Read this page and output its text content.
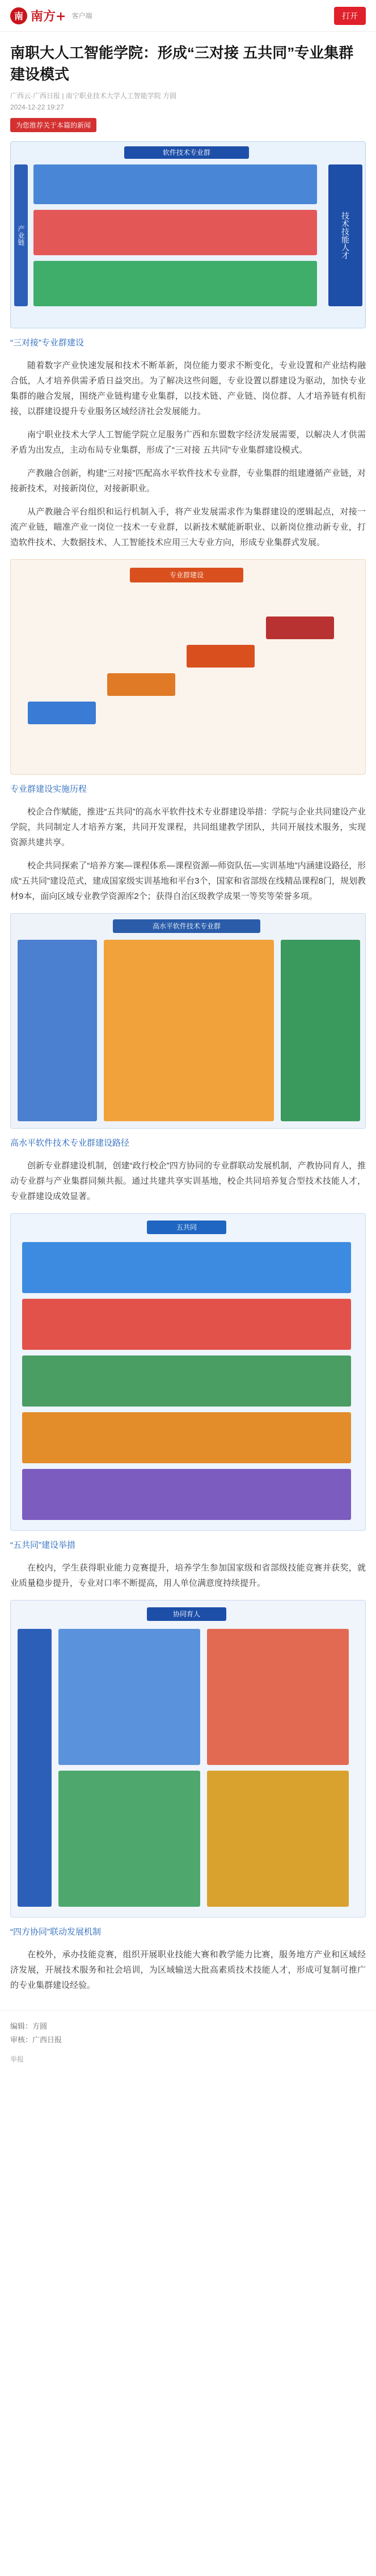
南 南方+ 客户端	打开
南职大人工智能学院：形成“三对接 五共同”专业集群建设模式
广西云·广西日报 | 南宁职业技术大学人工智能学院 方圆
2024-12-22 19:27
为您推荐关于本篇的新闻
产业链
软件技术专业群
技术技能人才
“三对接”专业群建设

随着数字产业快速发展和技术不断革新，岗位能力要求不断变化，专业设置和产业结构融合低，人才培养供需矛盾日益突出。为了解决这些问题，专业设置以群建设为驱动，加快专业集群的融合发展，围绕产业链构建专业集群，以技术链、产业链、岗位群、人才培养链有机衔接，以群建设提升专业服务区域经济社会发展能力。

南宁职业技术大学人工智能学院立足服务广西和东盟数字经济发展需要，以解决人才供需矛盾为出发点，主动布局专业集群，形成了“三对接 五共同”专业集群建设模式。

产教融合创新，构建“三对接”匹配高水平软件技术专业群，专业集群的组建遵循产业链，对接新技术，对接新岗位，对接新职业。

从产教融合平台组织和运行机制入手，将产业发展需求作为集群建设的逻辑起点，对接一流产业链，瞄准产业一岗位一技术一专业群，以新技术赋能新职业、以新岗位推动新专业，打造软件技术、大数据技术、人工智能技术应用三大专业方向，形成专业集群式发展。

专业群建设
专业群建设实施历程

校企合作赋能，推进“五共同”的高水平软件技术专业群建设举措：学院与企业共同建设产业学院，共同制定人才培养方案，共同开发课程，共同组建教学团队，共同开展技术服务，实现资源共建共享。

校企共同探索了“培养方案—课程体系—课程资源—师资队伍—实训基地”内涵建设路径，形成“五共同”建设范式，建成国家级实训基地和平台3个，国家和省部级在线精品课程8门，规划教材9本，面向区域专业教学资源库2个；获得自治区级教学成果一等奖等荣誉多项。

高水平软件技术专业群
高水平软件技术专业群建设路径

创新专业群建设机制，创建“政行校企”四方协同的专业群联动发展机制，产教协同育人，推动专业群与产业集群同频共振。通过共建共享实训基地，校企共同培养复合型技术技能人才，专业群建设成效显著。

五共同
“五共同”建设举措

在校内，学生获得职业能力竞赛提升，培养学生参加国家级和省部级技能竞赛并获奖，就业质量稳步提升，专业对口率不断提高，用人单位满意度持续提升。

协同育人
“四方协同”联动发展机制

在校外，承办技能竞赛，组织开展职业技能大赛和教学能力比赛，服务地方产业和区域经济发展，开展技术服务和社会培训，为区域输送大批高素质技术技能人才，形成可复制可推广的专业集群建设经验。

编辑：方圆
审核：广西日报
举报
